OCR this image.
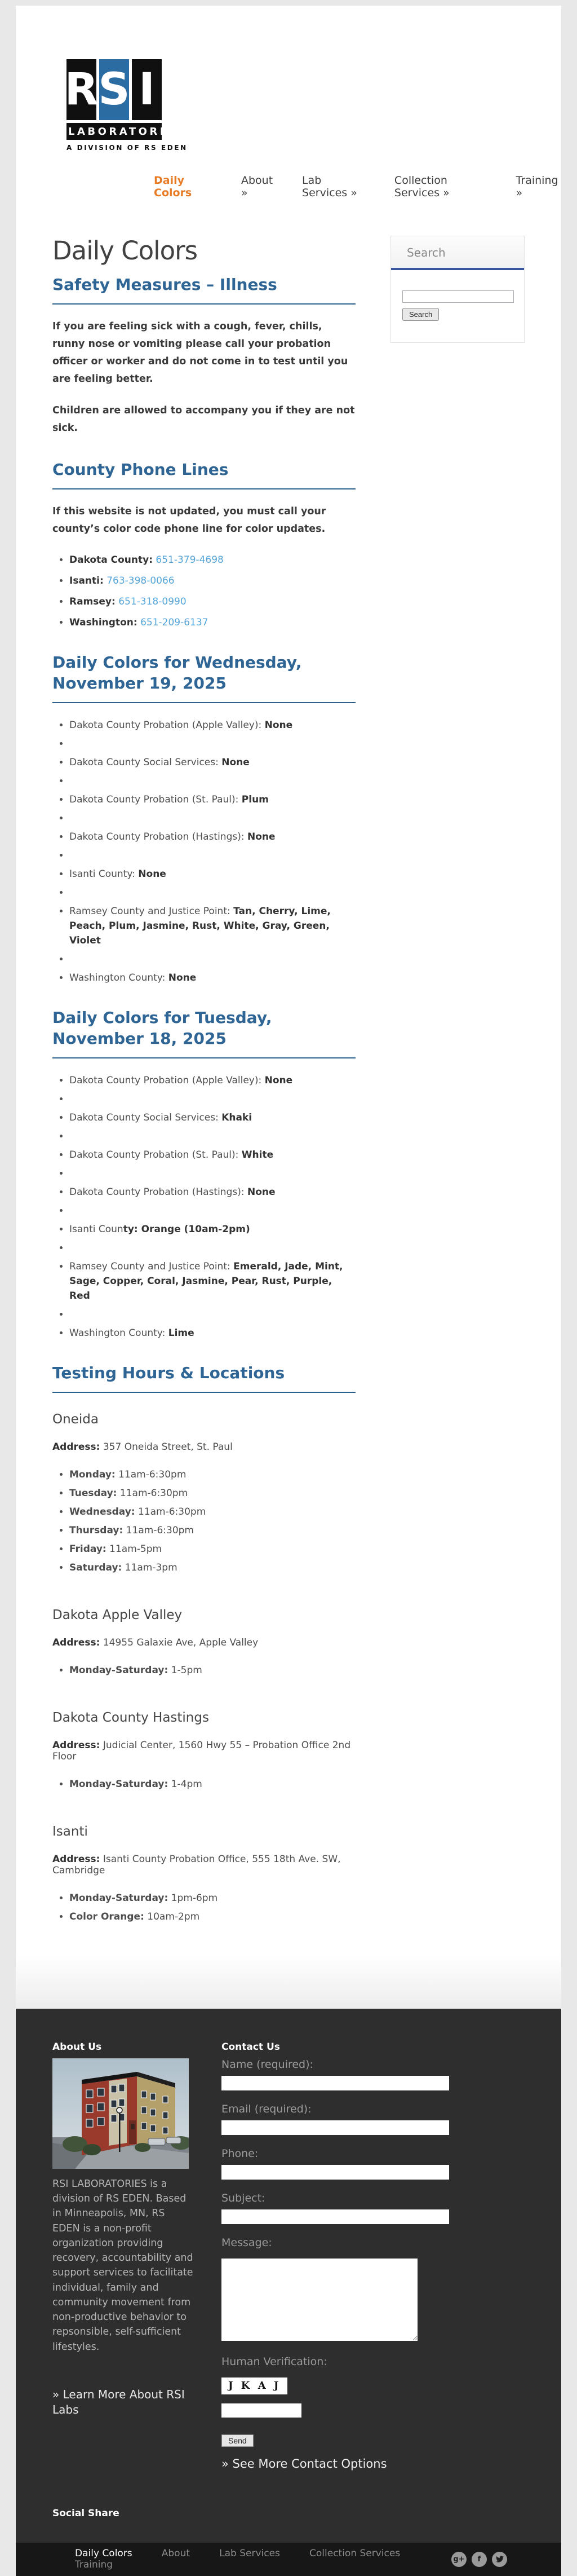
R S I
LABORATORIES
A DIVISION OF RS EDEN
Daily Colors
About »
Lab Services »
Collection Services »
Training »
Daily Colors
Safety Measures – Illness

If you are feeling sick with a cough, fever, chills, runny nose or vomiting please call your probation officer or worker and do not come in to test until you are feeling better.

Children are allowed to accompany you if they are not sick.

County Phone Lines

If this website is not updated, you must call your county’s color code phone line for color updates.

• Dakota County: 651-379-4698
• Isanti: 763-398-0066
• Ramsey: 651-318-0990
• Washington: 651-209-6137
Daily Colors for Wednesday, November 19, 2025
• Dakota County Probation (Apple Valley): None
•
• Dakota County Social Services: None
•
• Dakota County Probation (St. Paul): Plum
•
• Dakota County Probation (Hastings): None
•
• Isanti County: None
•
• Ramsey County and Justice Point: Tan, Cherry, Lime, Peach, Plum, Jasmine, Rust, White, Gray, Green, Violet
•
• Washington County: None
Daily Colors for Tuesday, November 18, 2025
• Dakota County Probation (Apple Valley): None
•
• Dakota County Social Services: Khaki
•
• Dakota County Probation (St. Paul): White
•
• Dakota County Probation (Hastings): None
•
• Isanti County: Orange (10am-2pm)
•
• Ramsey County and Justice Point: Emerald, Jade, Mint, Sage, Copper, Coral, Jasmine, Pear, Rust, Purple, Red
•
• Washington County: Lime
Testing Hours & Locations
Oneida

Address: 357 Oneida Street, St. Paul

• Monday: 11am-6:30pm
• Tuesday: 11am-6:30pm
• Wednesday: 11am-6:30pm
• Thursday: 11am-6:30pm
• Friday: 11am-5pm
• Saturday: 11am-3pm
Dakota Apple Valley

Address: 14955 Galaxie Ave, Apple Valley

• Monday-Saturday: 1-5pm
Dakota County Hastings

Address: Judicial Center, 1560 Hwy 55 – Probation Office 2nd Floor

• Monday-Saturday: 1-4pm
Isanti

Address: Isanti County Probation Office, 555 18th Ave. SW, Cambridge

• Monday-Saturday: 1pm-6pm
• Color Orange: 10am-2pm
Search
Search
About Us

RSI LABORATORIES is a division of RS EDEN. Based in Minneapolis, MN, RS EDEN is a non-profit organization providing recovery, accountability and support services to facilitate individual, family and community movement from non-productive behavior to repsonsible, self-sufficient lifestyles.

» Learn More About RSI Labs
Contact Us
Name (required):
Email (required):
Phone:
Subject:
Message:
Human Verification:
J K A J
Send
» See More Contact Options
Social Share
Daily Colors	About	Lab Services	Collection Services Training	g+	f
